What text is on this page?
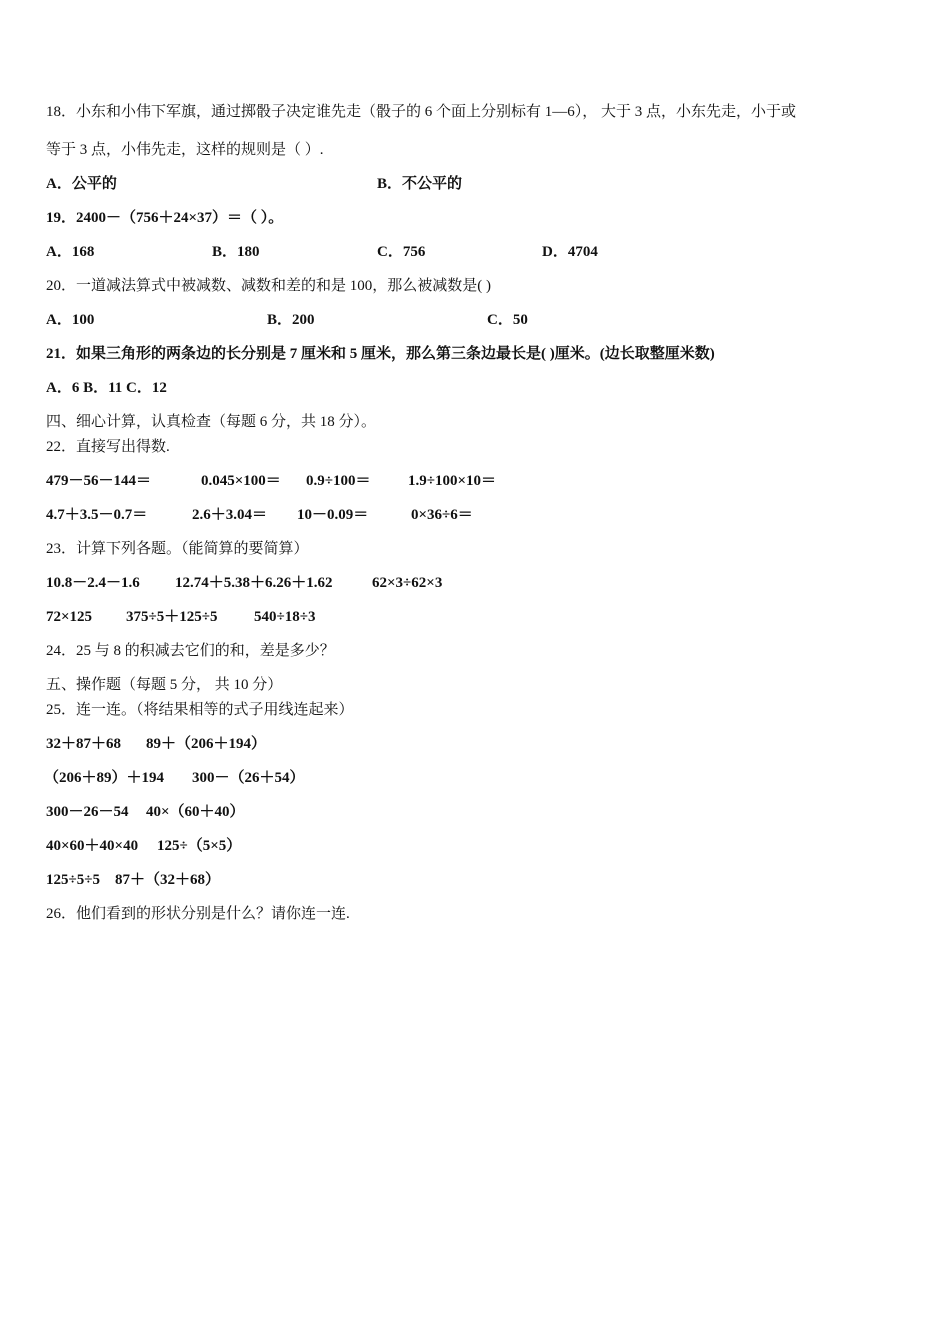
18．小东和小伟下军旗，通过掷骰子决定谁先走（骰子的 6 个面上分别标有 1—6）， 大于 3 点，小东先走，小于或
等于 3 点，小伟先走，这样的规则是（ ）.
A．公平的	B．不公平的
19．2400－（756＋24×37）＝（ ）。
A．168	B．180	C．756	D．4704
20．一道减法算式中被减数、减数和差的和是 100，那么被减数是( )
A．100	B．200	C．50
21．如果三角形的两条边的长分别是 7 厘米和 5 厘米，那么第三条边最长是( )厘米。(边长取整厘米数)
A．6 B．11 C．12
四、细心计算，认真检查（每题 6 分，共 18 分）。
22．直接写出得数.
479－56－144＝	0.045×100＝ 0.9÷100＝	1.9÷100×10＝
4.7＋3.5－0.7＝	2.6＋3.04＝ 10－0.09＝	0×36÷6＝
23．计算下列各题。（能简算的要简算）
10.8－2.4－1.6 12.74＋5.38＋6.26＋1.62	62×3÷62×3
72×125 375÷5＋125÷5 540÷18÷3
24．25 与 8 的积减去它们的和，差是多少？
五、操作题（每题 5 分， 共 10 分）
25．连一连。（将结果相等的式子用线连起来）
32＋87＋68 89＋（206＋194）
（206＋89）＋194 300－（26＋54）
300－26－54 40×（60＋40）
40×60＋40×40 125÷（5×5）
125÷5÷5 87＋（32＋68）
26．他们看到的形状分别是什么？请你连一连.
